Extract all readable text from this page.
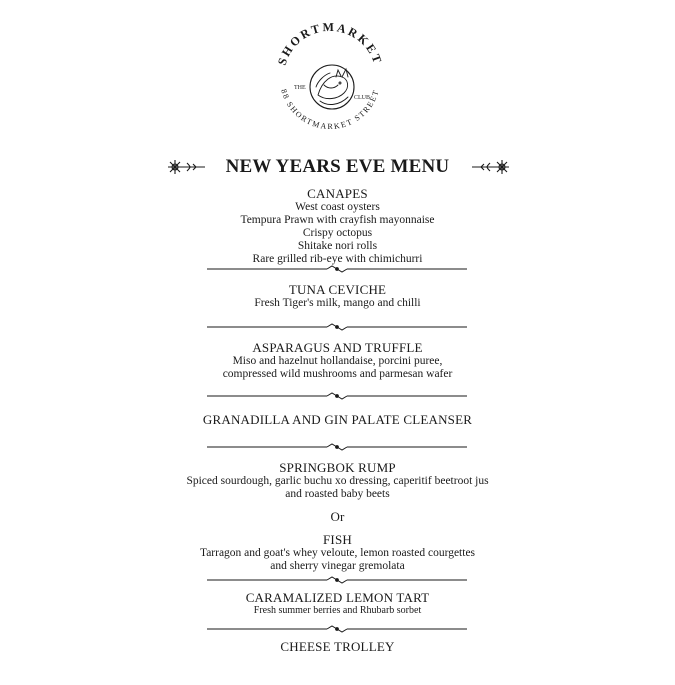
SHORTMARKET
88 SHORTMARKET STREET
THE
CLUB
NEW YEARS EVE MENU
CANAPES
West coast oysters
Tempura Prawn with crayfish mayonnaise
Crispy octopus
Shitake nori rolls
Rare grilled rib-eye with chimichurri
TUNA CEVICHE
Fresh Tiger's milk, mango and chilli
ASPARAGUS AND TRUFFLE
Miso and hazelnut hollandaise, porcini puree,
compressed wild mushrooms and parmesan wafer
GRANADILLA AND GIN PALATE CLEANSER
SPRINGBOK RUMP
Spiced sourdough, garlic buchu xo dressing, caperitif beetroot jus
and roasted baby beets
Or
FISH
Tarragon and goat's whey veloute, lemon roasted courgettes
and sherry vinegar gremolata
CARAMALIZED LEMON TART
Fresh summer berries and Rhubarb sorbet
CHEESE TROLLEY
